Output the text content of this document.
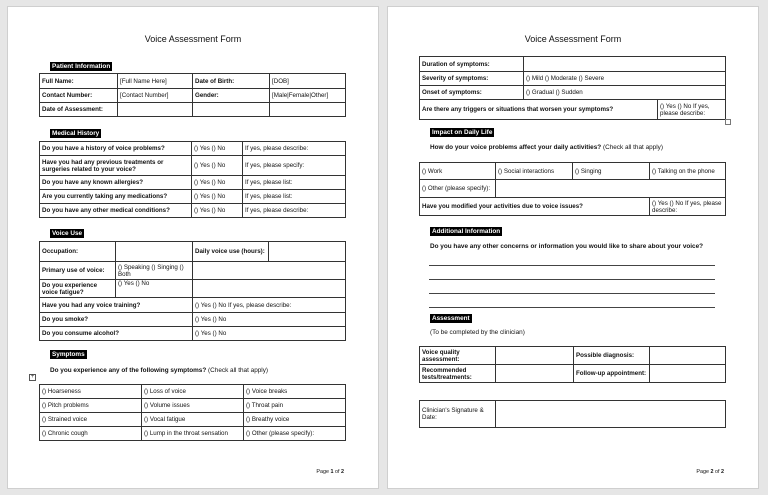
Voice Assessment Form
Patient Information
Full Name:	[Full Name Here]	Date of Birth:	[DOB]
Contact Number:	[Contact Number]	Gender:	[Male|Female|Other]
Date of Assessment:			
Medical History
Do you have a history of voice problems?	() Yes () No	If yes, please describe:
Have you had any previous treatments or surgeries related to your voice?	() Yes () No	If yes, please specify:
Do you have any known allergies?	() Yes () No	If yes, please list:
Are you currently taking any medications?	() Yes () No	If yes, please list:
Do you have any other medical conditions?	() Yes () No	If yes, please describe:
Voice Use
Occupation:		Daily voice use (hours):	
Primary use of voice:	() Speaking () Singing () Both		
Do you experience voice fatigue?	() Yes () No		
Have you had any voice training?		() Yes () No If yes, please describe:	
Do you smoke?		() Yes () No	
Do you consume alcohol?		() Yes () No	
Symptoms
Do you experience any of the following symptoms? (Check all that apply)
+
() Hoarseness	() Loss of voice	() Voice breaks
() Pitch problems	() Volume issues	() Throat pain
() Strained voice	() Vocal fatigue	() Breathy voice
() Chronic cough	() Lump in the throat sensation	() Other (please specify):
Page 1 of 2
Voice Assessment Form
Duration of symptoms:		
Severity of symptoms:	() Mild () Moderate () Severe	
Onset of symptoms:	() Gradual () Sudden	
Are there any triggers or situations that worsen your symptoms?		() Yes () No If yes, please describe:
Impact on Daily Life
How do your voice problems affect your daily activities? (Check all that apply)
() Work	() Social interactions	() Singing	() Talking on the phone
() Other (please specify):			
Have you modified your activities due to voice issues?			() Yes () No If yes, please describe:
Additional Information
Do you have any other concerns or information you would like to share about your voice?
Assessment
(To be completed by the clinician)
Voice quality assessment:		Possible diagnosis:	
Recommended tests/treatments:		Follow-up appointment:	
Clinician's Signature & Date:	
Page 2 of 2
